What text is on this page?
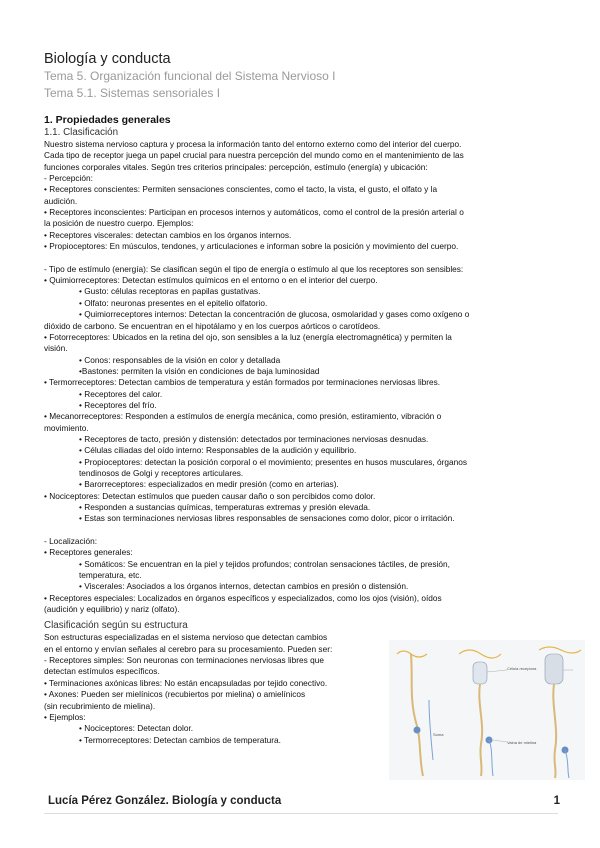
Biología y conducta

Tema 5. Organización funcional del Sistema Nervioso I

Tema 5.1. Sistemas sensoriales I

1. Propiedades generales

1.1. Clasificación

Nuestro sistema nervioso captura y procesa la información tanto del entorno externo como del interior del cuerpo.

Cada tipo de receptor juega un papel crucial para nuestra percepción del mundo como en el mantenimiento de las

funciones corporales vitales. Según tres criterios principales: percepción, estímulo (energía) y ubicación:

- Percepción:

• Receptores conscientes: Permiten sensaciones conscientes, como el tacto, la vista, el gusto, el olfato y la

audición.

• Receptores inconscientes: Participan en procesos internos y automáticos, como el control de la presión arterial o

la posición de nuestro cuerpo. Ejemplos:

• Receptores viscerales: detectan cambios en los órganos internos.

• Propioceptores: En músculos, tendones, y articulaciones e informan sobre la posición y movimiento del cuerpo.

- Tipo de estímulo (energía): Se clasifican según el tipo de energía o estímulo al que los receptores son sensibles:

• Quimiorreceptores: Detectan estímulos químicos en el entorno o en el interior del cuerpo.

• Gusto: células receptoras en papilas gustativas.

• Olfato: neuronas presentes en el epitelio olfatorio.

• Quimiorreceptores internos: Detectan la concentración de glucosa, osmolaridad y gases como oxígeno o

dióxido de carbono. Se encuentran en el hipotálamo y en los cuerpos aórticos o carotídeos.

• Fotorreceptores: Ubicados en la retina del ojo, son sensibles a la luz (energía electromagnética) y permiten la

visión.

• Conos: responsables de la visión en color y detallada

•Bastones: permiten la visión en condiciones de baja luminosidad

• Termorreceptores: Detectan cambios de temperatura y están formados por terminaciones nerviosas libres.

• Receptores del calor.

• Receptores del frío.

• Mecanorreceptores: Responden a estímulos de energía mecánica, como presión, estiramiento, vibración o

movimiento.

• Receptores de tacto, presión y distensión: detectados por terminaciones nerviosas desnudas.

• Células ciliadas del oído interno: Responsables de la audición y equilibrio.

• Propioceptores: detectan la posición corporal o el movimiento; presentes en husos musculares, órganos

tendinosos de Golgi y receptores articulares.

• Barorreceptores: especializados en medir presión (como en arterias).

• Nociceptores: Detectan estímulos que pueden causar daño o son percibidos como dolor.

• Responden a sustancias químicas, temperaturas extremas y presión elevada.

• Estas son terminaciones nerviosas libres responsables de sensaciones como dolor, picor o irritación.

- Localización:

• Receptores generales:

• Somáticos: Se encuentran en la piel y tejidos profundos; controlan sensaciones táctiles, de presión,

temperatura, etc.

• Viscerales: Asociados a los órganos internos, detectan cambios en presión o distensión.

• Receptores especiales: Localizados en órganos específicos y especializados, como los ojos (visión), oídos

(audición y equilibrio) y nariz (olfato).

Clasificación según su estructura

Son estructuras especializadas en el sistema nervioso que detectan cambios

en el entorno y envían señales al cerebro para su procesamiento. Pueden ser:

- Receptores simples: Son neuronas con terminaciones nerviosas libres que

detectan estímulos específicos.

• Terminaciones axónicas libres: No están encapsuladas por tejido conectivo.

• Axones: Pueden ser mielínicos (recubiertos por mielina) o amielínicos

(sin recubrimiento de mielina).

• Ejemplos:

• Nociceptores: Detectan dolor.

• Termorreceptores: Detectan cambios de temperatura.

Célula receptora
Soma
Vaina de mielina
Lucía Pérez González. Biología y conducta	1
